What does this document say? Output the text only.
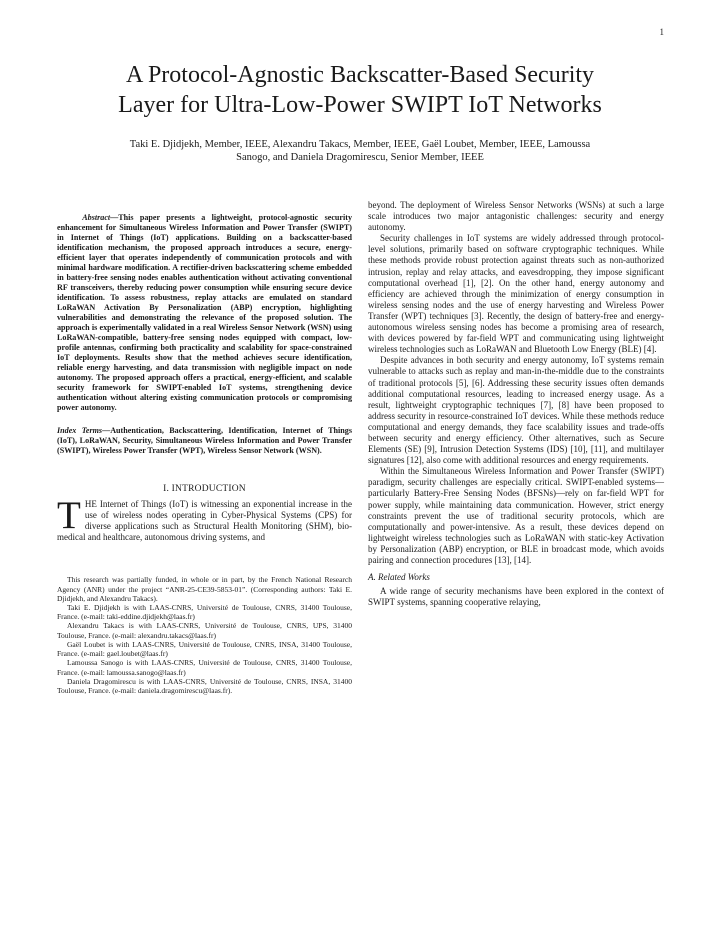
1
A Protocol-Agnostic Backscatter-Based Security
Layer for Ultra-Low-Power SWIPT IoT Networks
Taki E. Djidjekh, Member, IEEE, Alexandru Takacs, Member, IEEE, Gaël Loubet, Member, IEEE, Lamoussa
Sanogo, and Daniela Dragomirescu, Senior Member, IEEE

Abstract—This paper presents a lightweight, protocol-agnostic security enhancement for Simultaneous Wireless Information and Power Transfer (SWIPT) in Internet of Things (IoT) applications. Building on a backscatter-based identification mechanism, the proposed approach introduces a secure, energy-efficient layer that operates independently of communication protocols and with minimal hardware modification. A rectifier-driven backscattering scheme embedded in battery-free sensing nodes enables authentication without activating conventional RF transceivers, thereby reducing power consumption while ensuring secure device identification. To assess robustness, replay attacks are emulated on standard LoRaWAN Activation By Personalization (ABP) encryption, highlighting vulnerabilities and demonstrating the relevance of the proposed solution. The approach is experimentally validated in a real Wireless Sensor Network (WSN) using LoRaWAN-compatible, battery-free sensing nodes equipped with compact, low-profile antennas, confirming both practicality and scalability for space-constrained IoT deployments. Results show that the method achieves secure identification, reliable energy harvesting, and data transmission with negligible impact on node autonomy. The proposed approach offers a practical, energy-efficient, and scalable security framework for SWIPT-enabled IoT systems, strengthening device authentication without altering existing communication protocols or compromising power autonomy.

Index Terms—Authentication, Backscattering, Identification, Internet of Things (IoT), LoRaWAN, Security, Simultaneous Wireless Information and Power Transfer (SWIPT), Wireless Power Transfer (WPT), Wireless Sensor Network (WSN).

I. INTRODUCTION

THE Internet of Things (IoT) is witnessing an exponential increase in the use of wireless nodes operating in Cyber-Physical Systems (CPS) for diverse applications such as Structural Health Monitoring (SHM), bio-medical and healthcare, autonomous driving systems, and

This research was partially funded, in whole or in part, by the French National Research Agency (ANR) under the project “ANR-25-CE39-5853-01”. (Corresponding authors: Taki E. Djidjekh, and Alexandru Takacs).

Taki E. Djidjekh is with LAAS-CNRS, Université de Toulouse, CNRS, 31400 Toulouse, France. (e-mail: taki-eddine.djidjekh@laas.fr)

Alexandru Takacs is with LAAS-CNRS, Université de Toulouse, CNRS, UPS, 31400 Toulouse, France. (e-mail: alexandru.takacs@laas.fr)

Gaël Loubet is with LAAS-CNRS, Université de Toulouse, CNRS, INSA, 31400 Toulouse, France. (e-mail: gael.loubet@laas.fr)

Lamoussa Sanogo is with LAAS-CNRS, Université de Toulouse, CNRS, 31400 Toulouse, France. (e-mail: lamoussa.sanogo@laas.fr)

Daniela Dragomirescu is with LAAS-CNRS, Université de Toulouse, CNRS, INSA, 31400 Toulouse, France. (e-mail: daniela.dragomirescu@laas.fr).

beyond. The deployment of Wireless Sensor Networks (WSNs) at such a large scale introduces two major antagonistic challenges: security and energy autonomy.

Security challenges in IoT systems are widely addressed through protocol-level solutions, primarily based on software cryptographic techniques. While these methods provide robust protection against threats such as non-authorized intrusion, replay and relay attacks, and eavesdropping, they impose significant computational overhead [1], [2]. On the other hand, energy autonomy and efficiency are achieved through the minimization of energy consumption in wireless sensing nodes and the use of energy harvesting and Wireless Power Transfer (WPT) techniques [3]. Recently, the design of battery-free and energy-autonomous wireless sensing nodes has become a promising area of research, with devices powered by far-field WPT and communicating using lightweight wireless technologies such as LoRaWAN and Bluetooth Low Energy (BLE) [4].

Despite advances in both security and energy autonomy, IoT systems remain vulnerable to attacks such as replay and man-in-the-middle due to the constraints of traditional protocols [5], [6]. Addressing these security issues often demands additional computational resources, leading to increased energy usage. As a result, lightweight cryptographic techniques [7], [8] have been proposed to address security in resource-constrained IoT devices. While these methods reduce computational and energy demands, they face scalability issues and trade-offs between security and energy efficiency. Other alternatives, such as Secure Elements (SE) [9], Intrusion Detection Systems (IDS) [10], [11], and multilayer signatures [12], also come with additional resources and energy requirements.

Within the Simultaneous Wireless Information and Power Transfer (SWIPT) paradigm, security challenges are especially critical. SWIPT-enabled systems—particularly Battery-Free Sensing Nodes (BFSNs)—rely on far-field WPT for power supply, while maintaining data communication. However, strict energy constraints prevent the use of traditional security protocols, which are computationally and power-intensive. As a result, these devices depend on lightweight wireless technologies such as LoRaWAN with static-key Activation by Personalization (ABP) encryption, or BLE in broadcast mode, which avoids pairing and connection procedures [13], [14].

A. Related Works

A wide range of security mechanisms have been explored in the context of SWIPT systems, spanning cooperative relaying,
